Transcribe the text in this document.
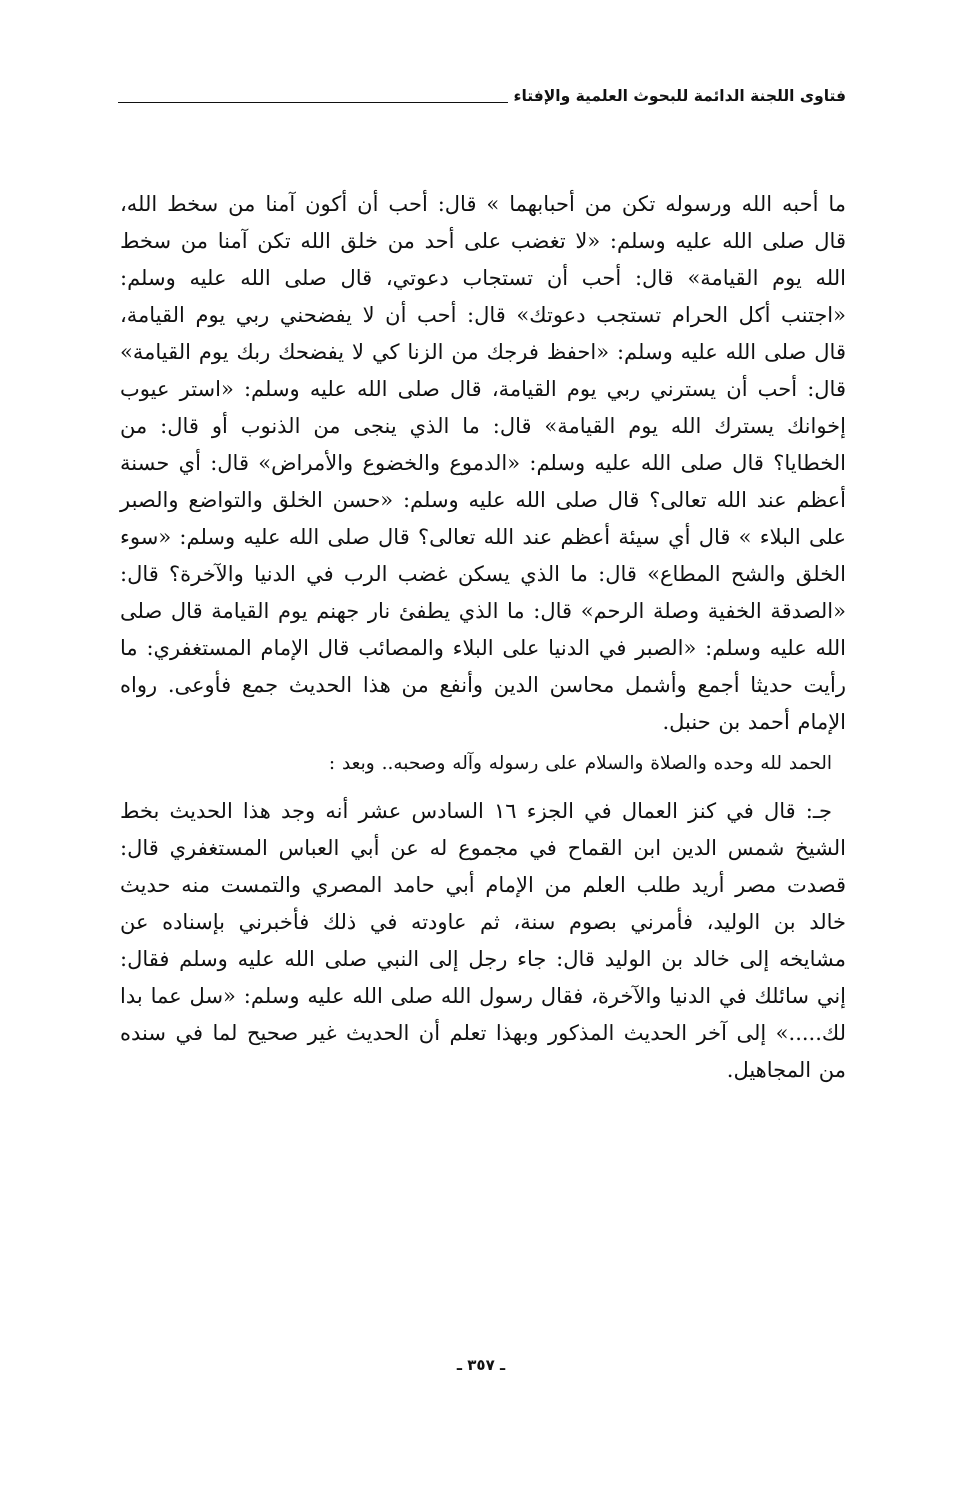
فتاوى اللجنة الدائمة للبحوث العلمية والإفتاء

ما أحبه الله ورسوله تكن من أحبابهما » قال: أحب أن أكون آمنا من سخط الله، قال صلى الله عليه وسلم: «لا تغضب على أحد من خلق الله تكن آمنا من سخط الله يوم القيامة» قال: أحب أن تستجاب دعوتي، قال صلى الله عليه وسلم: «اجتنب أكل الحرام تستجب دعوتك» قال: أحب أن لا يفضحني ربي يوم القيامة، قال صلى الله عليه وسلم: «احفظ فرجك من الزنا كي لا يفضحك ربك يوم القيامة» قال: أحب أن يسترني ربي يوم القيامة، قال صلى الله عليه وسلم: «استر عيوب إخوانك يسترك الله يوم القيامة» قال: ما الذي ينجى من الذنوب أو قال: من الخطايا؟ قال صلى الله عليه وسلم: «الدموع والخضوع والأمراض» قال: أي حسنة أعظم عند الله تعالى؟ قال صلى الله عليه وسلم: «حسن الخلق والتواضع والصبر على البلاء » قال أي سيئة أعظم عند الله تعالى؟ قال صلى الله عليه وسلم: «سوء الخلق والشح المطاع» قال: ما الذي يسكن غضب الرب في الدنيا والآخرة؟ قال: «الصدقة الخفية وصلة الرحم» قال: ما الذي يطفئ نار جهنم يوم القيامة قال صلى الله عليه وسلم: «الصبر في الدنيا على البلاء والمصائب قال الإمام المستغفري: ما رأيت حديثا أجمع وأشمل محاسن الدين وأنفع من هذا الحديث جمع فأوعى. رواه الإمام أحمد بن حنبل.

الحمد لله وحده والصلاة والسلام على رسوله وآله وصحبه.. وبعد :

جـ: قال في كنز العمال في الجزء ١٦ السادس عشر أنه وجد هذا الحديث بخط الشيخ شمس الدين ابن القماح في مجموع له عن أبي العباس المستغفري قال: قصدت مصر أريد طلب العلم من الإمام أبي حامد المصري والتمست منه حديث خالد بن الوليد، فأمرني بصوم سنة، ثم عاودته في ذلك فأخبرني بإسناده عن مشايخه إلى خالد بن الوليد قال: جاء رجل إلى النبي صلى الله عليه وسلم فقال: إني سائلك في الدنيا والآخرة، فقال رسول الله صلى الله عليه وسلم: «سل عما بدا لك.....» إلى آخر الحديث المذكور وبهذا تعلم أن الحديث غير صحيح لما في سنده من المجاهيل.

ـ ٣٥٧ ـ
